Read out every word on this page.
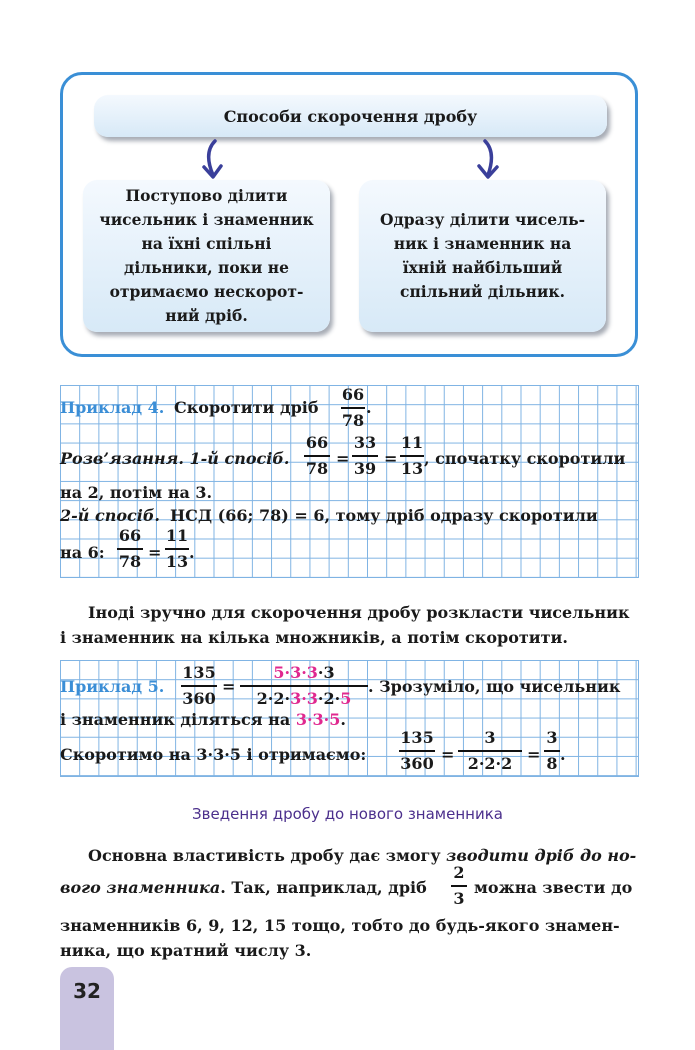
Способи скорочення дробу
Поступово ділити
чисельник і знаменник
на їхні спільні
дільники, поки не
отримаємо нескорот-
ний дріб.
Одразу ділити чисель-
ник і знаменник на
їхній найбільший
спільний дільник.
Приклад 4. Скоротити дріб
66
78
.
Розв’язання. 1-й спосіб.
66
78
=
33
39
=
11
13
, спочатку скоротили
на 2, потім на 3.
2-й спосіб. НСД (66; 78) = 6, тому дріб одразу скоротили
на 6:
66
78 =
11
13 .
Іноді зручно для скорочення дробу розкласти чисельник
і знаменник на кілька множників, а потім скоротити.
Приклад 5.
135
360
=
5·3·3·3
2·2·3·3·2·5
. Зрозуміло, що чисельник
і знаменник діляться на 3·3·5.
Скоротимо на 3·3·5 і отримаємо:
135
360 =
3
2·2·2 =
3
8 .
Зведення дробу до нового знаменника
Основна властивість дробу дає змогу зводити дріб до но-
вого знаменника. Так, наприклад, дріб
2
3
можна звести до
знаменників 6, 9, 12, 15 тощо, тобто до будь-якого знамен-
ника, що кратний числу 3.
32
